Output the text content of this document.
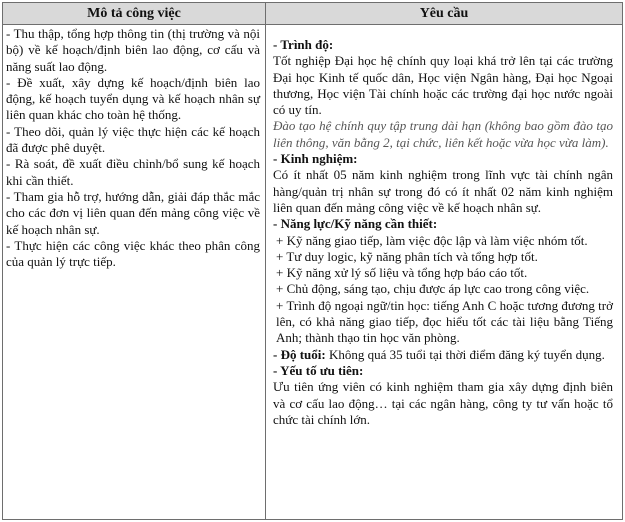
Mô tả công việc	Yêu cầu

- Thu thập, tổng hợp thông tin (thị trường và nội bộ) về kế hoạch/định biên lao động, cơ cấu và năng suất lao động.

- Đề xuất, xây dựng kế hoạch/định biên lao động, kế hoạch tuyển dụng và kế hoạch nhân sự liên quan khác cho toàn hệ thống.

- Theo dõi, quản lý việc thực hiện các kế hoạch đã được phê duyệt.

- Rà soát, đề xuất điều chỉnh/bổ sung kế hoạch khi cần thiết.

- Tham gia hỗ trợ, hướng dẫn, giải đáp thắc mắc cho các đơn vị liên quan đến mảng công việc về kế hoạch nhân sự.

- Thực hiện các công việc khác theo phân công của quản lý trực tiếp.

- Trình độ:

Tốt nghiệp Đại học hệ chính quy loại khá trở lên tại các trường Đại học Kinh tế quốc dân, Học viện Ngân hàng, Đại học Ngoại thương, Học viện Tài chính hoặc các trường đại học nước ngoài có uy tín.

Đào tạo hệ chính quy tập trung dài hạn (không bao gồm đào tạo liên thông, văn bằng 2, tại chức, liên kết hoặc vừa học vừa làm).

- Kinh nghiệm:

Có ít nhất 05 năm kinh nghiệm trong lĩnh vực tài chính ngân hàng/quản trị nhân sự trong đó có ít nhất 02 năm kinh nghiệm liên quan đến mảng công việc về kế hoạch nhân sự.

- Năng lực/Kỹ năng cần thiết:

+ Kỹ năng giao tiếp, làm việc độc lập và làm việc nhóm tốt.

+ Tư duy logic, kỹ năng phân tích và tổng hợp tốt.

+ Kỹ năng xử lý số liệu và tổng hợp báo cáo tốt.

+ Chủ động, sáng tạo, chịu được áp lực cao trong công việc.

+ Trình độ ngoại ngữ/tin học: tiếng Anh C hoặc tương đương trở lên, có khả năng giao tiếp, đọc hiểu tốt các tài liệu bằng Tiếng Anh; thành thạo tin học văn phòng.

- Độ tuổi: Không quá 35 tuổi tại thời điểm đăng ký tuyển dụng.

- Yếu tố ưu tiên:

Ưu tiên ứng viên có kinh nghiệm tham gia xây dựng định biên và cơ cấu lao động… tại các ngân hàng, công ty tư vấn hoặc tổ chức tài chính lớn.
